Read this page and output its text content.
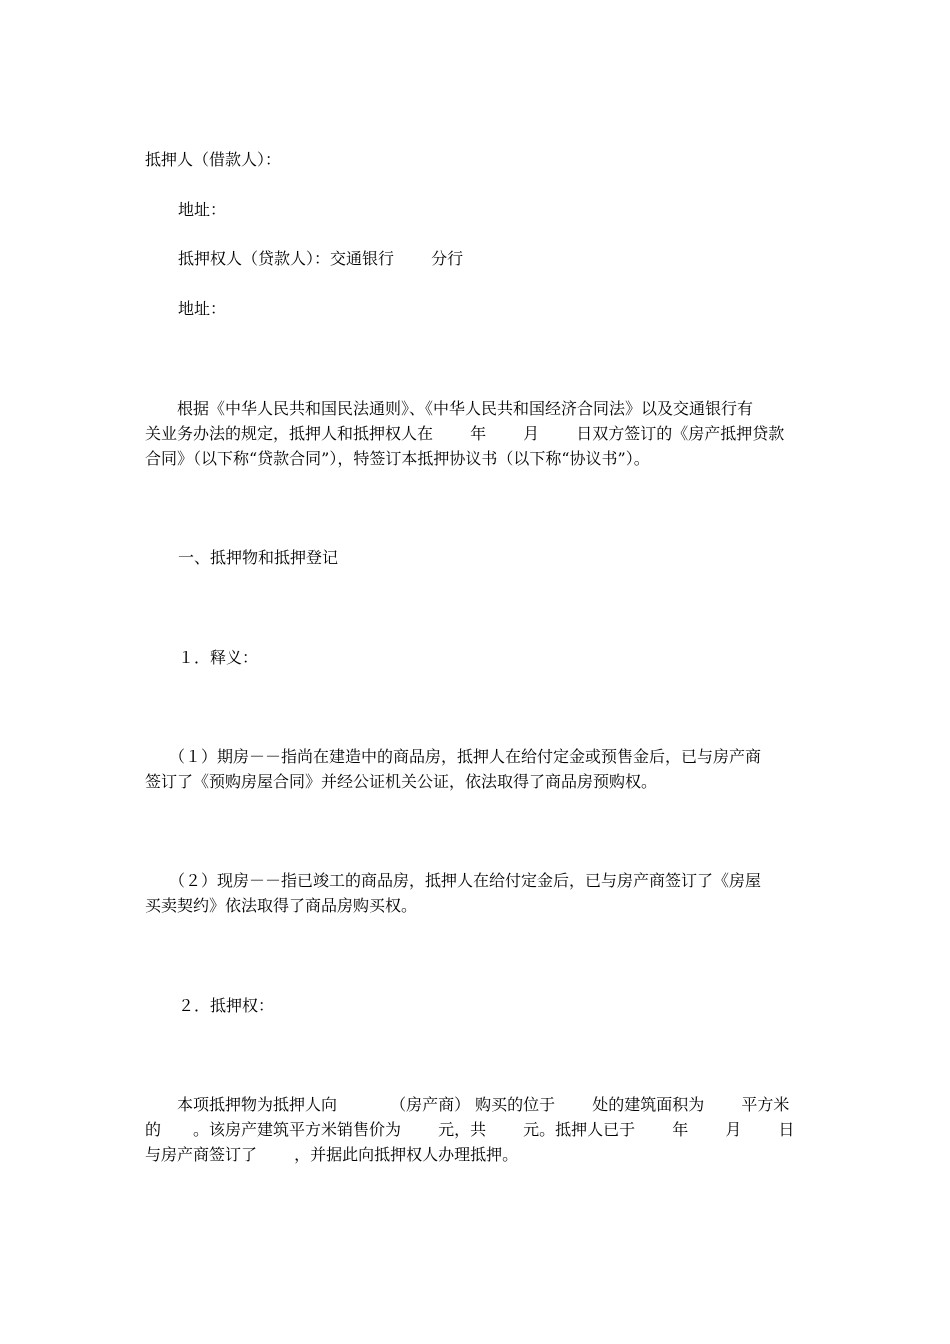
抵押人（借款人）：

地址：

抵押权人（贷款人）：交通银行　　 分行

地址：

　　根据《中华人民共和国民法通则》、《中华人民共和国经济合同法》以及交通银行有

关业务办法的规定，抵押人和抵押权人在　　 年　　 月　　 日双方签订的《房产抵押贷款

合同》（以下称“贷款合同”），特签订本抵押协议书（以下称“协议书”）。

一、抵押物和抵押登记

１．释义：

　　（１）期房－－指尚在建造中的商品房，抵押人在给付定金或预售金后，已与房产商

签订了《预购房屋合同》并经公证机关公证，依法取得了商品房预购权。

　　（２）现房－－指已竣工的商品房，抵押人在给付定金后，已与房产商签订了《房屋

买卖契约》依法取得了商品房购买权。

２．抵押权：

　　本项抵押物为抵押人向　　　 （房产商） 购买的位于　　 处的建筑面积为　　 平方米

的　　。该房产建筑平方米销售价为　　 元，共　　 元。抵押人已于　　 年　　 月　　 日

与房产商签订了　　 ，并据此向抵押权人办理抵押。
